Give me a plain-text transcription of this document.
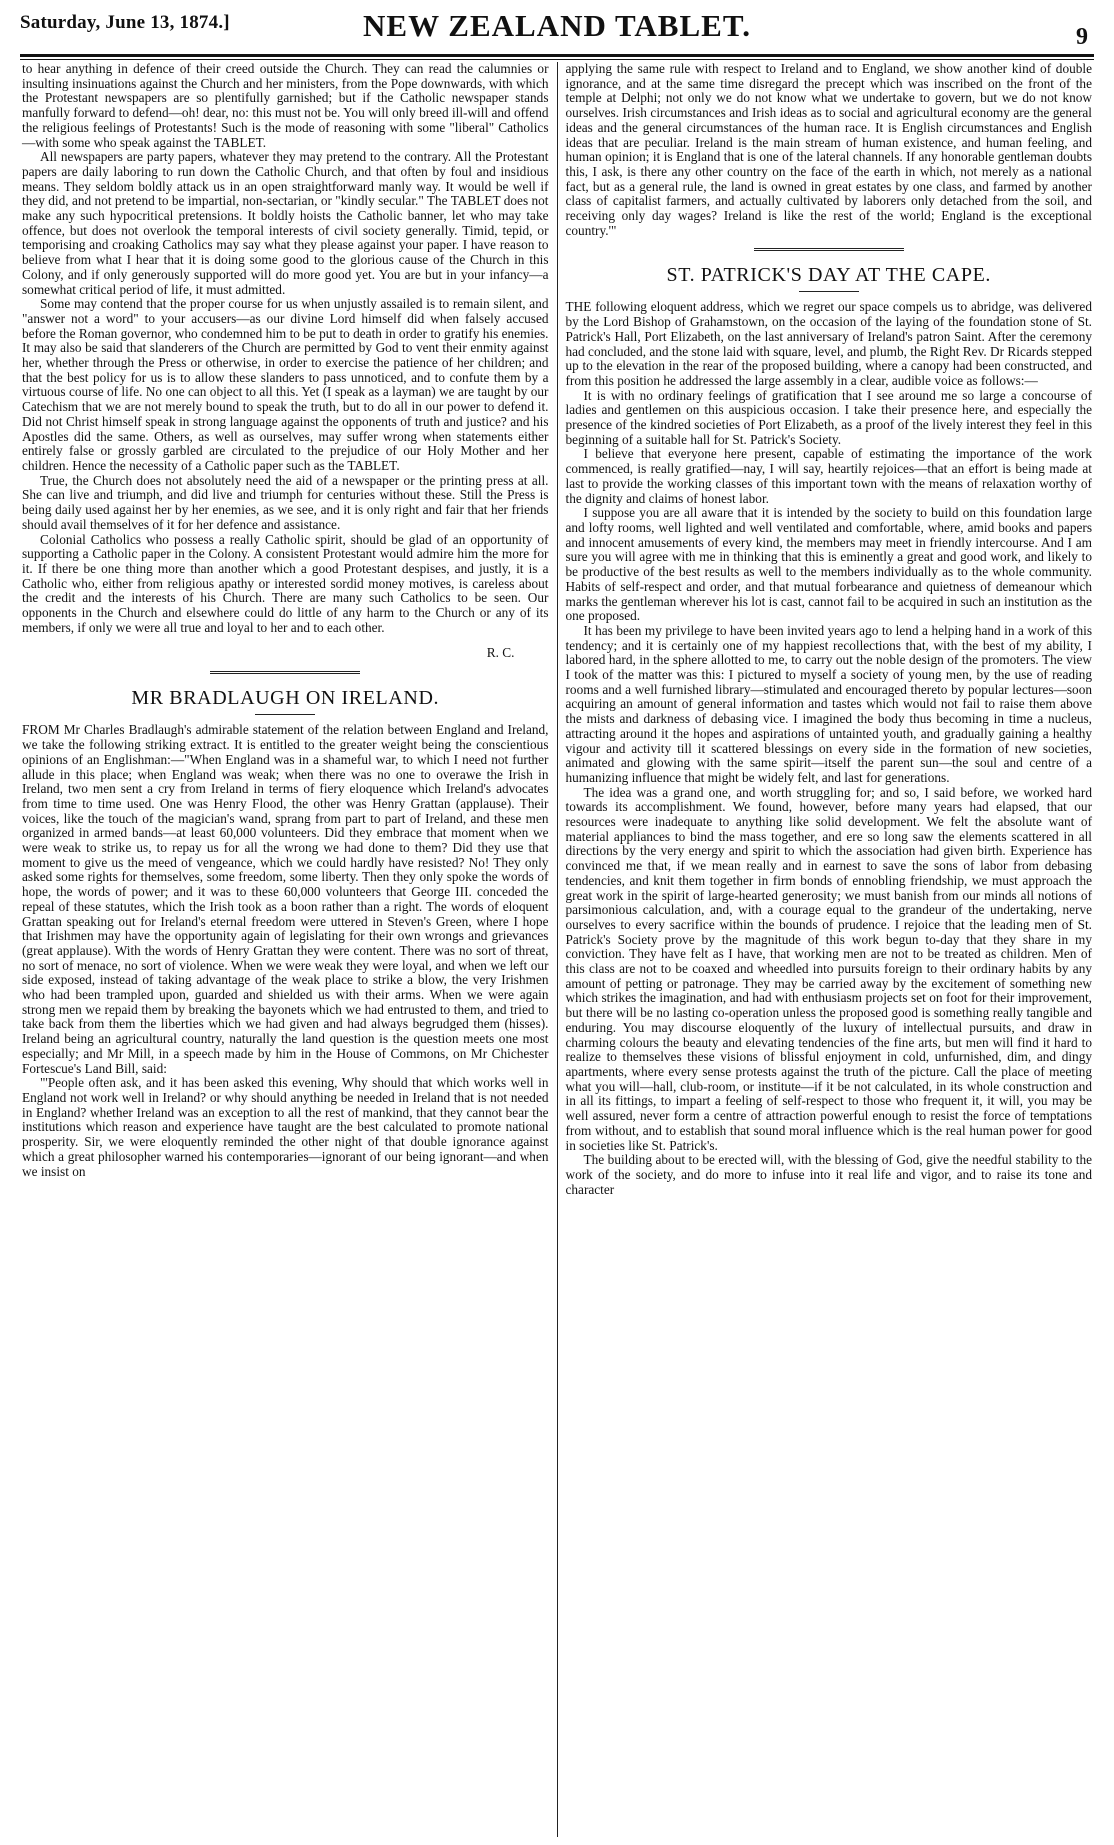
Saturday, June 13, 1874.]	NEW ZEALAND TABLET.	9

to hear anything in defence of their creed outside the Church. They can read the calumnies or insulting insinuations against the Church and her ministers, from the Pope downwards, with which the Protestant newspapers are so plentifully garnished; but if the Catholic newspaper stands manfully forward to defend—oh! dear, no: this must not be. You will only breed ill-will and offend the religious feelings of Protestants! Such is the mode of reasoning with some "liberal" Catholics—with some who speak against the TABLET.

All newspapers are party papers, whatever they may pretend to the contrary. All the Protestant papers are daily laboring to run down the Catholic Church, and that often by foul and insidious means. They seldom boldly attack us in an open straightforward manly way. It would be well if they did, and not pretend to be impartial, non-sectarian, or "kindly secular." The TABLET does not make any such hypocritical pretensions. It boldly hoists the Catholic banner, let who may take offence, but does not overlook the temporal interests of civil society generally. Timid, tepid, or temporising and croaking Catholics may say what they please against your paper. I have reason to believe from what I hear that it is doing some good to the glorious cause of the Church in this Colony, and if only generously supported will do more good yet. You are but in your infancy—a somewhat critical period of life, it must admitted.

Some may contend that the proper course for us when unjustly assailed is to remain silent, and "answer not a word" to your accusers—as our divine Lord himself did when falsely accused before the Roman governor, who condemned him to be put to death in order to gratify his enemies. It may also be said that slanderers of the Church are permitted by God to vent their enmity against her, whether through the Press or otherwise, in order to exercise the patience of her children; and that the best policy for us is to allow these slanders to pass unnoticed, and to confute them by a virtuous course of life. No one can object to all this. Yet (I speak as a layman) we are taught by our Catechism that we are not merely bound to speak the truth, but to do all in our power to defend it. Did not Christ himself speak in strong language against the opponents of truth and justice? and his Apostles did the same. Others, as well as ourselves, may suffer wrong when statements either entirely false or grossly garbled are circulated to the prejudice of our Holy Mother and her children. Hence the necessity of a Catholic paper such as the TABLET.

True, the Church does not absolutely need the aid of a newspaper or the printing press at all. She can live and triumph, and did live and triumph for centuries without these. Still the Press is being daily used against her by her enemies, as we see, and it is only right and fair that her friends should avail themselves of it for her defence and assistance.

Colonial Catholics who possess a really Catholic spirit, should be glad of an opportunity of supporting a Catholic paper in the Colony. A consistent Protestant would admire him the more for it. If there be one thing more than another which a good Protestant despises, and justly, it is a Catholic who, either from religious apathy or interested sordid money motives, is careless about the credit and the interests of his Church. There are many such Catholics to be seen. Our opponents in the Church and elsewhere could do little of any harm to the Church or any of its members, if only we were all true and loyal to her and to each other.

R. C.
MR BRADLAUGH ON IRELAND.

FROM Mr Charles Bradlaugh's admirable statement of the relation between England and Ireland, we take the following striking extract. It is entitled to the greater weight being the conscientious opinions of an Englishman:—"When England was in a shameful war, to which I need not further allude in this place; when England was weak; when there was no one to overawe the Irish in Ireland, two men sent a cry from Ireland in terms of fiery eloquence which Ireland's advocates from time to time used. One was Henry Flood, the other was Henry Grattan (applause). Their voices, like the touch of the magician's wand, sprang from part to part of Ireland, and these men organized in armed bands—at least 60,000 volunteers. Did they embrace that moment when we were weak to strike us, to repay us for all the wrong we had done to them? Did they use that moment to give us the meed of vengeance, which we could hardly have resisted? No! They only asked some rights for themselves, some freedom, some liberty. Then they only spoke the words of hope, the words of power; and it was to these 60,000 volunteers that George III. conceded the repeal of these statutes, which the Irish took as a boon rather than a right. The words of eloquent Grattan speaking out for Ireland's eternal freedom were uttered in Steven's Green, where I hope that Irishmen may have the opportunity again of legislating for their own wrongs and grievances (great applause). With the words of Henry Grattan they were content. There was no sort of threat, no sort of menace, no sort of violence. When we were weak they were loyal, and when we left our side exposed, instead of taking advantage of the weak place to strike a blow, the very Irishmen who had been trampled upon, guarded and shielded us with their arms. When we were again strong men we repaid them by breaking the bayonets which we had entrusted to them, and tried to take back from them the liberties which we had given and had always begrudged them (hisses). Ireland being an agricultural country, naturally the land question is the question meets one most especially; and Mr Mill, in a speech made by him in the House of Commons, on Mr Chichester Fortescue's Land Bill, said:

"'People often ask, and it has been asked this evening, Why should that which works well in England not work well in Ireland? or why should anything be needed in Ireland that is not needed in England? whether Ireland was an exception to all the rest of mankind, that they cannot bear the institutions which reason and experience have taught are the best calculated to promote national prosperity. Sir, we were eloquently reminded the other night of that double ignorance against which a great philosopher warned his contemporaries—ignorant of our being ignorant—and when we insist on

applying the same rule with respect to Ireland and to England, we show another kind of double ignorance, and at the same time disregard the precept which was inscribed on the front of the temple at Delphi; not only we do not know what we undertake to govern, but we do not know ourselves. Irish circumstances and Irish ideas as to social and agricultural economy are the general ideas and the general circumstances of the human race. It is English circumstances and English ideas that are peculiar. Ireland is the main stream of human existence, and human feeling, and human opinion; it is England that is one of the lateral channels. If any honorable gentleman doubts this, I ask, is there any other country on the face of the earth in which, not merely as a national fact, but as a general rule, the land is owned in great estates by one class, and farmed by another class of capitalist farmers, and actually cultivated by laborers only detached from the soil, and receiving only day wages? Ireland is like the rest of the world; England is the exceptional country.'"

ST. PATRICK'S DAY AT THE CAPE.

THE following eloquent address, which we regret our space compels us to abridge, was delivered by the Lord Bishop of Grahamstown, on the occasion of the laying of the foundation stone of St. Patrick's Hall, Port Elizabeth, on the last anniversary of Ireland's patron Saint. After the ceremony had concluded, and the stone laid with square, level, and plumb, the Right Rev. Dr Ricards stepped up to the elevation in the rear of the proposed building, where a canopy had been constructed, and from this position he addressed the large assembly in a clear, audible voice as follows:—

It is with no ordinary feelings of gratification that I see around me so large a concourse of ladies and gentlemen on this auspicious occasion. I take their presence here, and especially the presence of the kindred societies of Port Elizabeth, as a proof of the lively interest they feel in this beginning of a suitable hall for St. Patrick's Society.

I believe that everyone here present, capable of estimating the importance of the work commenced, is really gratified—nay, I will say, heartily rejoices—that an effort is being made at last to provide the working classes of this important town with the means of relaxation worthy of the dignity and claims of honest labor.

I suppose you are all aware that it is intended by the society to build on this foundation large and lofty rooms, well lighted and well ventilated and comfortable, where, amid books and papers and innocent amusements of every kind, the members may meet in friendly intercourse. And I am sure you will agree with me in thinking that this is eminently a great and good work, and likely to be productive of the best results as well to the members individually as to the whole community. Habits of self-respect and order, and that mutual forbearance and quietness of demeanour which marks the gentleman wherever his lot is cast, cannot fail to be acquired in such an institution as the one proposed.

It has been my privilege to have been invited years ago to lend a helping hand in a work of this tendency; and it is certainly one of my happiest recollections that, with the best of my ability, I labored hard, in the sphere allotted to me, to carry out the noble design of the promoters. The view I took of the matter was this: I pictured to myself a society of young men, by the use of reading rooms and a well furnished library—stimulated and encouraged thereto by popular lectures—soon acquiring an amount of general information and tastes which would not fail to raise them above the mists and darkness of debasing vice. I imagined the body thus becoming in time a nucleus, attracting around it the hopes and aspirations of untainted youth, and gradually gaining a healthy vigour and activity till it scattered blessings on every side in the formation of new societies, animated and glowing with the same spirit—itself the parent sun—the soul and centre of a humanizing influence that might be widely felt, and last for generations.

The idea was a grand one, and worth struggling for; and so, I said before, we worked hard towards its accomplishment. We found, however, before many years had elapsed, that our resources were inadequate to anything like solid development. We felt the absolute want of material appliances to bind the mass together, and ere so long saw the elements scattered in all directions by the very energy and spirit to which the association had given birth. Experience has convinced me that, if we mean really and in earnest to save the sons of labor from debasing tendencies, and knit them together in firm bonds of ennobling friendship, we must approach the great work in the spirit of large-hearted generosity; we must banish from our minds all notions of parsimonious calculation, and, with a courage equal to the grandeur of the undertaking, nerve ourselves to every sacrifice within the bounds of prudence. I rejoice that the leading men of St. Patrick's Society prove by the magnitude of this work begun to-day that they share in my conviction. They have felt as I have, that working men are not to be treated as children. Men of this class are not to be coaxed and wheedled into pursuits foreign to their ordinary habits by any amount of petting or patronage. They may be carried away by the excitement of something new which strikes the imagination, and had with enthusiasm projects set on foot for their improvement, but there will be no lasting co-operation unless the proposed good is something really tangible and enduring. You may discourse eloquently of the luxury of intellectual pursuits, and draw in charming colours the beauty and elevating tendencies of the fine arts, but men will find it hard to realize to themselves these visions of blissful enjoyment in cold, unfurnished, dim, and dingy apartments, where every sense protests against the truth of the picture. Call the place of meeting what you will—hall, club-room, or institute—if it be not calculated, in its whole construction and in all its fittings, to impart a feeling of self-respect to those who frequent it, it will, you may be well assured, never form a centre of attraction powerful enough to resist the force of temptations from without, and to establish that sound moral influence which is the real human power for good in societies like St. Patrick's.

The building about to be erected will, with the blessing of God, give the needful stability to the work of the society, and do more to infuse into it real life and vigor, and to raise its tone and character
